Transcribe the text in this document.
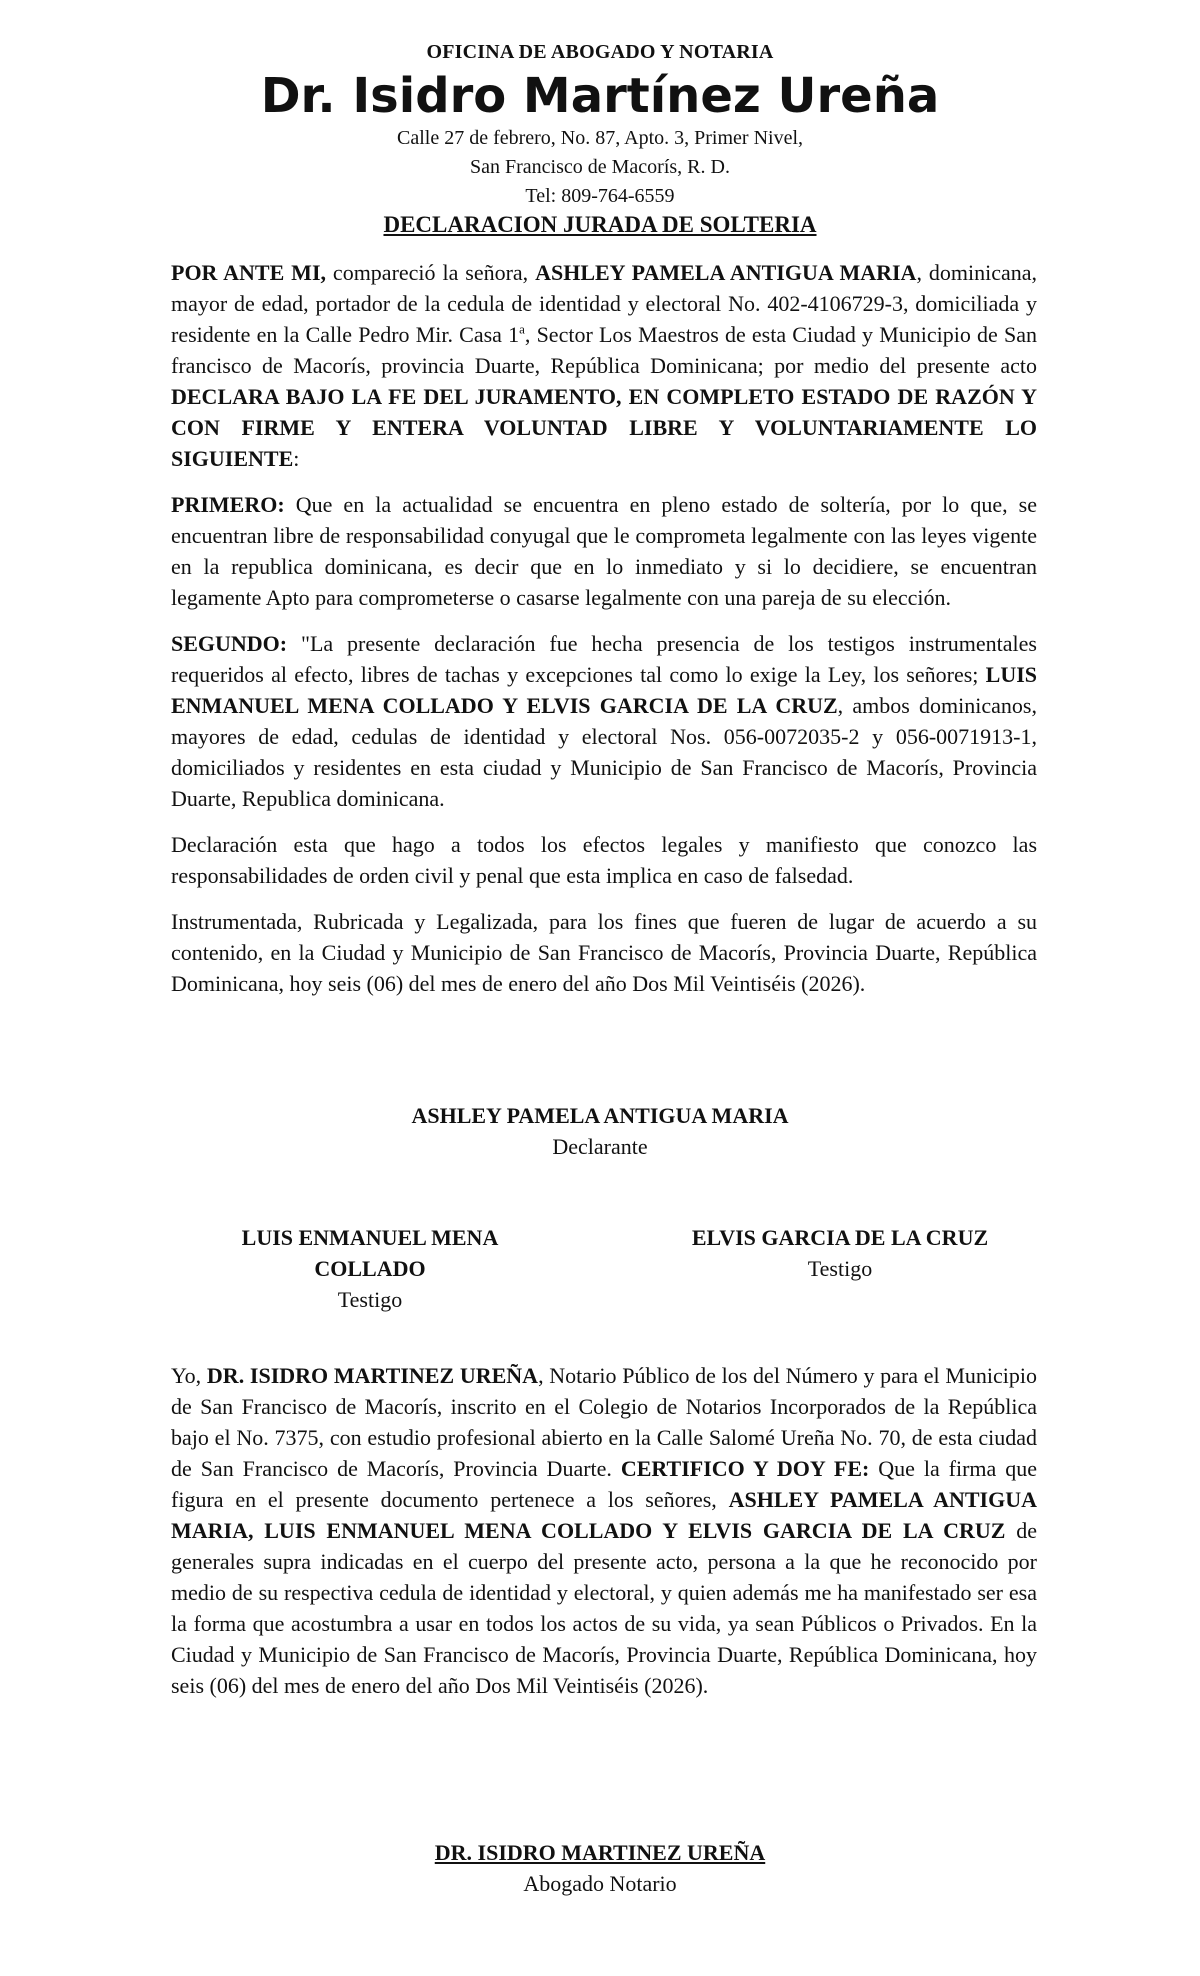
OFICINA DE ABOGADO Y NOTARIA
Dr. Isidro Martínez Ureña
Calle 27 de febrero, No. 87, Apto. 3, Primer Nivel,
San Francisco de Macorís, R. D.
Tel: 809-764-6559
DECLARACION JURADA DE SOLTERIA

POR ANTE MI, compareció la señora, ASHLEY PAMELA ANTIGUA MARIA, dominicana, mayor de edad, portador de la cedula de identidad y electoral No. 402-4106729-3, domiciliada y residente en la Calle Pedro Mir. Casa 1$^a$, Sector Los Maestros de esta Ciudad y Municipio de San francisco de Macorís, provincia Duarte, República Dominicana; por medio del presente acto DECLARA BAJO LA FE DEL JURAMENTO, EN COMPLETO ESTADO DE RAZÓN Y CON FIRME Y ENTERA VOLUNTAD LIBRE Y VOLUNTARIAMENTE LO SIGUIENTE:

PRIMERO: Que en la actualidad se encuentra en pleno estado de soltería, por lo que, se encuentran libre de responsabilidad conyugal que le comprometa legalmente con las leyes vigente en la republica dominicana, es decir que en lo inmediato y si lo decidiere, se encuentran legamente Apto para comprometerse o casarse legalmente con una pareja de su elección.

SEGUNDO: "La presente declaración fue hecha presencia de los testigos instrumentales requeridos al efecto, libres de tachas y excepciones tal como lo exige la Ley, los señores; LUIS ENMANUEL MENA COLLADO Y ELVIS GARCIA DE LA CRUZ, ambos dominicanos, mayores de edad, cedulas de identidad y electoral Nos. 056-0072035-2 y 056-0071913-1, domiciliados y residentes en esta ciudad y Municipio de San Francisco de Macorís, Provincia Duarte, Republica dominicana.

Declaración esta que hago a todos los efectos legales y manifiesto que conozco las responsabilidades de orden civil y penal que esta implica en caso de falsedad.

Instrumentada, Rubricada y Legalizada, para los fines que fueren de lugar de acuerdo a su contenido, en la Ciudad y Municipio de San Francisco de Macorís, Provincia Duarte, República Dominicana, hoy seis (06) del mes de enero del año Dos Mil Veintiséis (2026).

ASHLEY PAMELA ANTIGUA MARIA
Declarante
LUIS ENMANUEL MENA
COLLADO
Testigo
ELVIS GARCIA DE LA CRUZ
Testigo

Yo, DR. ISIDRO MARTINEZ UREÑA, Notario Público de los del Número y para el Municipio de San Francisco de Macorís, inscrito en el Colegio de Notarios Incorporados de la República bajo el No. 7375, con estudio profesional abierto en la Calle Salomé Ureña No. 70, de esta ciudad de San Francisco de Macorís, Provincia Duarte. CERTIFICO Y DOY FE: Que la firma que figura en el presente documento pertenece a los señores, ASHLEY PAMELA ANTIGUA MARIA, LUIS ENMANUEL MENA COLLADO Y ELVIS GARCIA DE LA CRUZ de generales supra indicadas en el cuerpo del presente acto, persona a la que he reconocido por medio de su respectiva cedula de identidad y electoral, y quien además me ha manifestado ser esa la forma que acostumbra a usar en todos los actos de su vida, ya sean Públicos o Privados. En la Ciudad y Municipio de San Francisco de Macorís, Provincia Duarte, República Dominicana, hoy seis (06) del mes de enero del año Dos Mil Veintiséis (2026).

DR. ISIDRO MARTINEZ UREÑA
Abogado Notario
